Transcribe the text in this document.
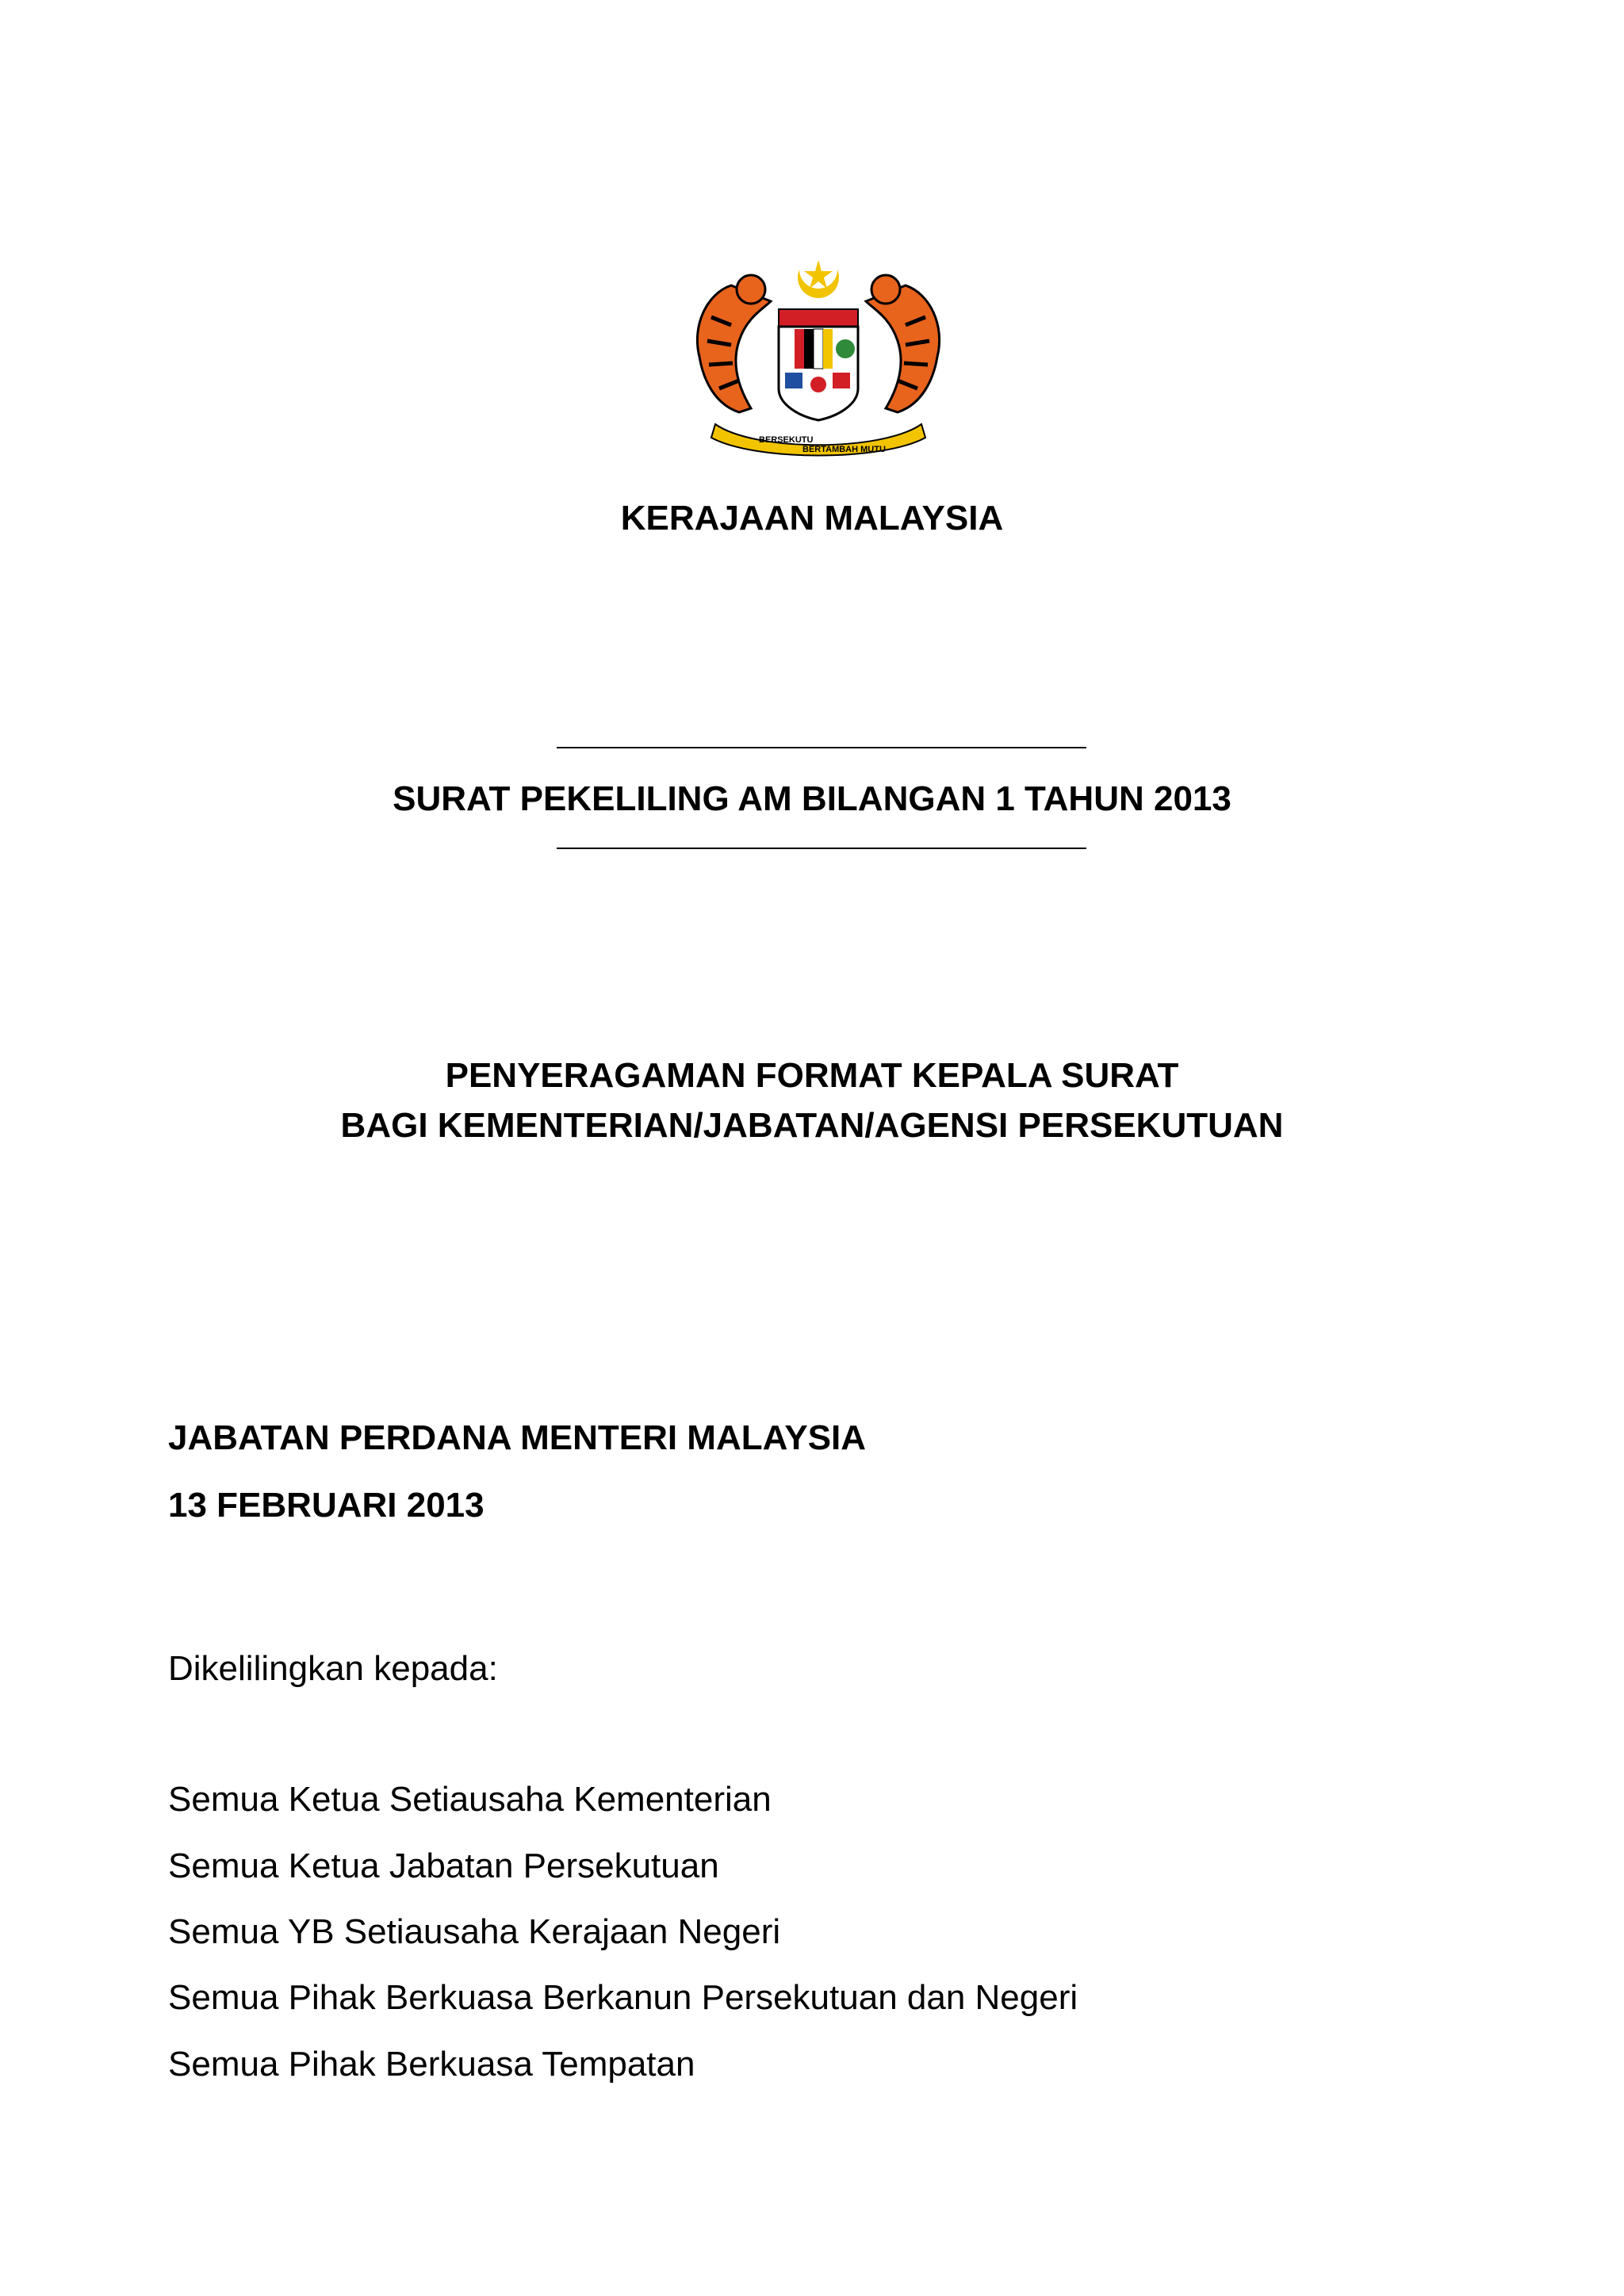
BERSEKUTU
BERTAMBAH MUTU
KERAJAAN MALAYSIA
SURAT PEKELILING AM BILANGAN 1 TAHUN 2013
PENYERAGAMAN FORMAT KEPALA SURAT
BAGI KEMENTERIAN/JABATAN/AGENSI PERSEKUTUAN
JABATAN PERDANA MENTERI MALAYSIA
13 FEBRUARI 2013
Dikelilingkan kepada:
Semua Ketua Setiausaha Kementerian
Semua Ketua Jabatan Persekutuan
Semua YB Setiausaha Kerajaan Negeri
Semua Pihak Berkuasa Berkanun Persekutuan dan Negeri
Semua Pihak Berkuasa Tempatan
